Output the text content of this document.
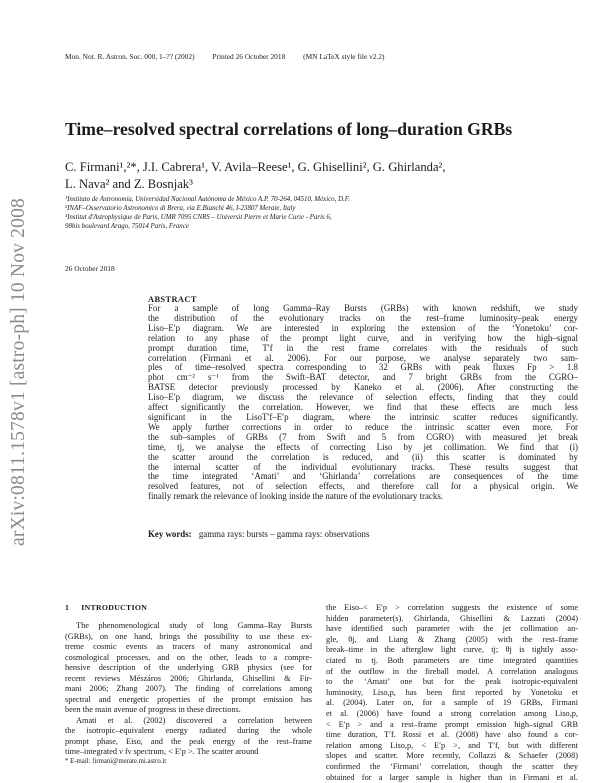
arXiv:0811.1578v1 [astro-ph] 10 Nov 2008
Mon. Not. R. Astron. Soc. 000, 1–?? (2002) Printed 26 October 2018 (MN LaTeX style file v2.2)
Time–resolved spectral correlations of long–duration GRBs
C. Firmani¹,²*, J.I. Cabrera¹, V. Avila–Reese¹, G. Ghisellini², G. Ghirlanda²,
L. Nava² and Z. Bosnjak³
¹Instituto de Astronomía, Universidad Nacional Autónoma de México A.P. 70-264, 04510, México, D.F.
²INAF–Osservatorio Astronomico di Brera, via E.Bianchi 46, I-23807 Merate, Italy
³Institut d'Astrophysique de Paris, UMR 7095 CNRS – Universit Pierre et Marie Curie - Paris 6,
98bis boulevard Arago, 75014 Paris, France
26 October 2018
ABSTRACT
For a sample of long Gamma–Ray Bursts (GRBs) with known redshift, we study
the distribution of the evolutionary tracks on the rest–frame luminosity–peak energy
Liso–E′p diagram. We are interested in exploring the extension of the ‘Yonetoku’ cor-
relation to any phase of the prompt light curve, and in verifying how the high–signal
prompt duration time, T′f in the rest frame correlates with the residuals of such
correlation (Firmani et al. 2006). For our purpose, we analyse separately two sam-
ples of time–resolved spectra corresponding to 32 GRBs with peak fluxes Fp > 1.8
phot cm⁻² s⁻¹ from the Swift–BAT detector, and 7 bright GRBs from the CGRO–
BATSE detector previously processed by Kaneko et al. (2006). After constructing the
Liso–E′p diagram, we discuss the relevance of selection effects, finding that they could
affect significantly the correlation. However, we find that these effects are much less
significant in the LisoT′f–E′p diagram, where the intrinsic scatter reduces significantly.
We apply further corrections in order to reduce the intrinsic scatter even more. For
the sub–samples of GRBs (7 from Swift and 5 from CGRO) with measured jet break
time, tj, we analyse the effects of correcting Liso by jet collimation. We find that (i)
the scatter around the correlation is reduced, and (ii) this scatter is dominated by
the internal scatter of the individual evolutionary tracks. These results suggest that
the time integrated ‘Amati’ and ‘Ghirlanda’ correlations are consequences of the time
resolved features, not of selection effects, and therefore call for a physical origin. We
finally remark the relevance of looking inside the nature of the evolutionary tracks.
Key words: gamma rays: bursts – gamma rays: observations
1 INTRODUCTION
The phenomenological study of long Gamma–Ray Bursts
(GRBs), on one hand, brings the possibility to use these ex-
treme cosmic events as tracers of many astronomical and
cosmological processes, and on the other, leads to a compre-
hensive description of the underlying GRB physics (see for
recent reviews Mészáros 2006; Ghirlanda, Ghisellini & Fir-
mani 2006; Zhang 2007). The finding of correlations among
spectral and energetic properties of the prompt emission has
been the main avenue of progress in these directions.
Amati et al. (2002) discovered a correlation between
the isotropic–equivalent energy radiated during the whole
prompt phase, Eiso, and the peak energy of the rest–frame
time–integrated ν fν spectrum, < E′p >. The scatter around
the Eiso–< E′p > correlation suggests the existence of some
hidden parameter(s). Ghirlanda, Ghisellini & Lazzati (2004)
have identified such parameter with the jet collimation an-
gle, θj, and Liang & Zhang (2005) with the rest–frame
break–time in the afterglow light curve, tj; θj is tightly asso-
ciated to tj. Both parameters are time integrated quantities
of the outflow in the fireball model. A correlation analogous
to the ‘Amati’ one but for the peak isotropic-equivalent
luminosity, Liso,p, has been first reported by Yonetoku et
al. (2004). Later on, for a sample of 19 GRBs, Firmani
et al. (2006) have found a strong correlation among Liso,p,
< E′p > and a rest–frame prompt emission high–signal GRB
time duration, T′f. Rossi et al. (2008) have also found a cor-
relation among Liso,p, < E′p >, and T′f, but with different
slopes and scatter. More recently, Collazzi & Schaefer (2008)
confirmed the ‘Firmani’ correlation, though the scatter they
obtained for a larger sample is higher than in Firmani et al.
* E-mail: firmani@merate.mi.astro.it
